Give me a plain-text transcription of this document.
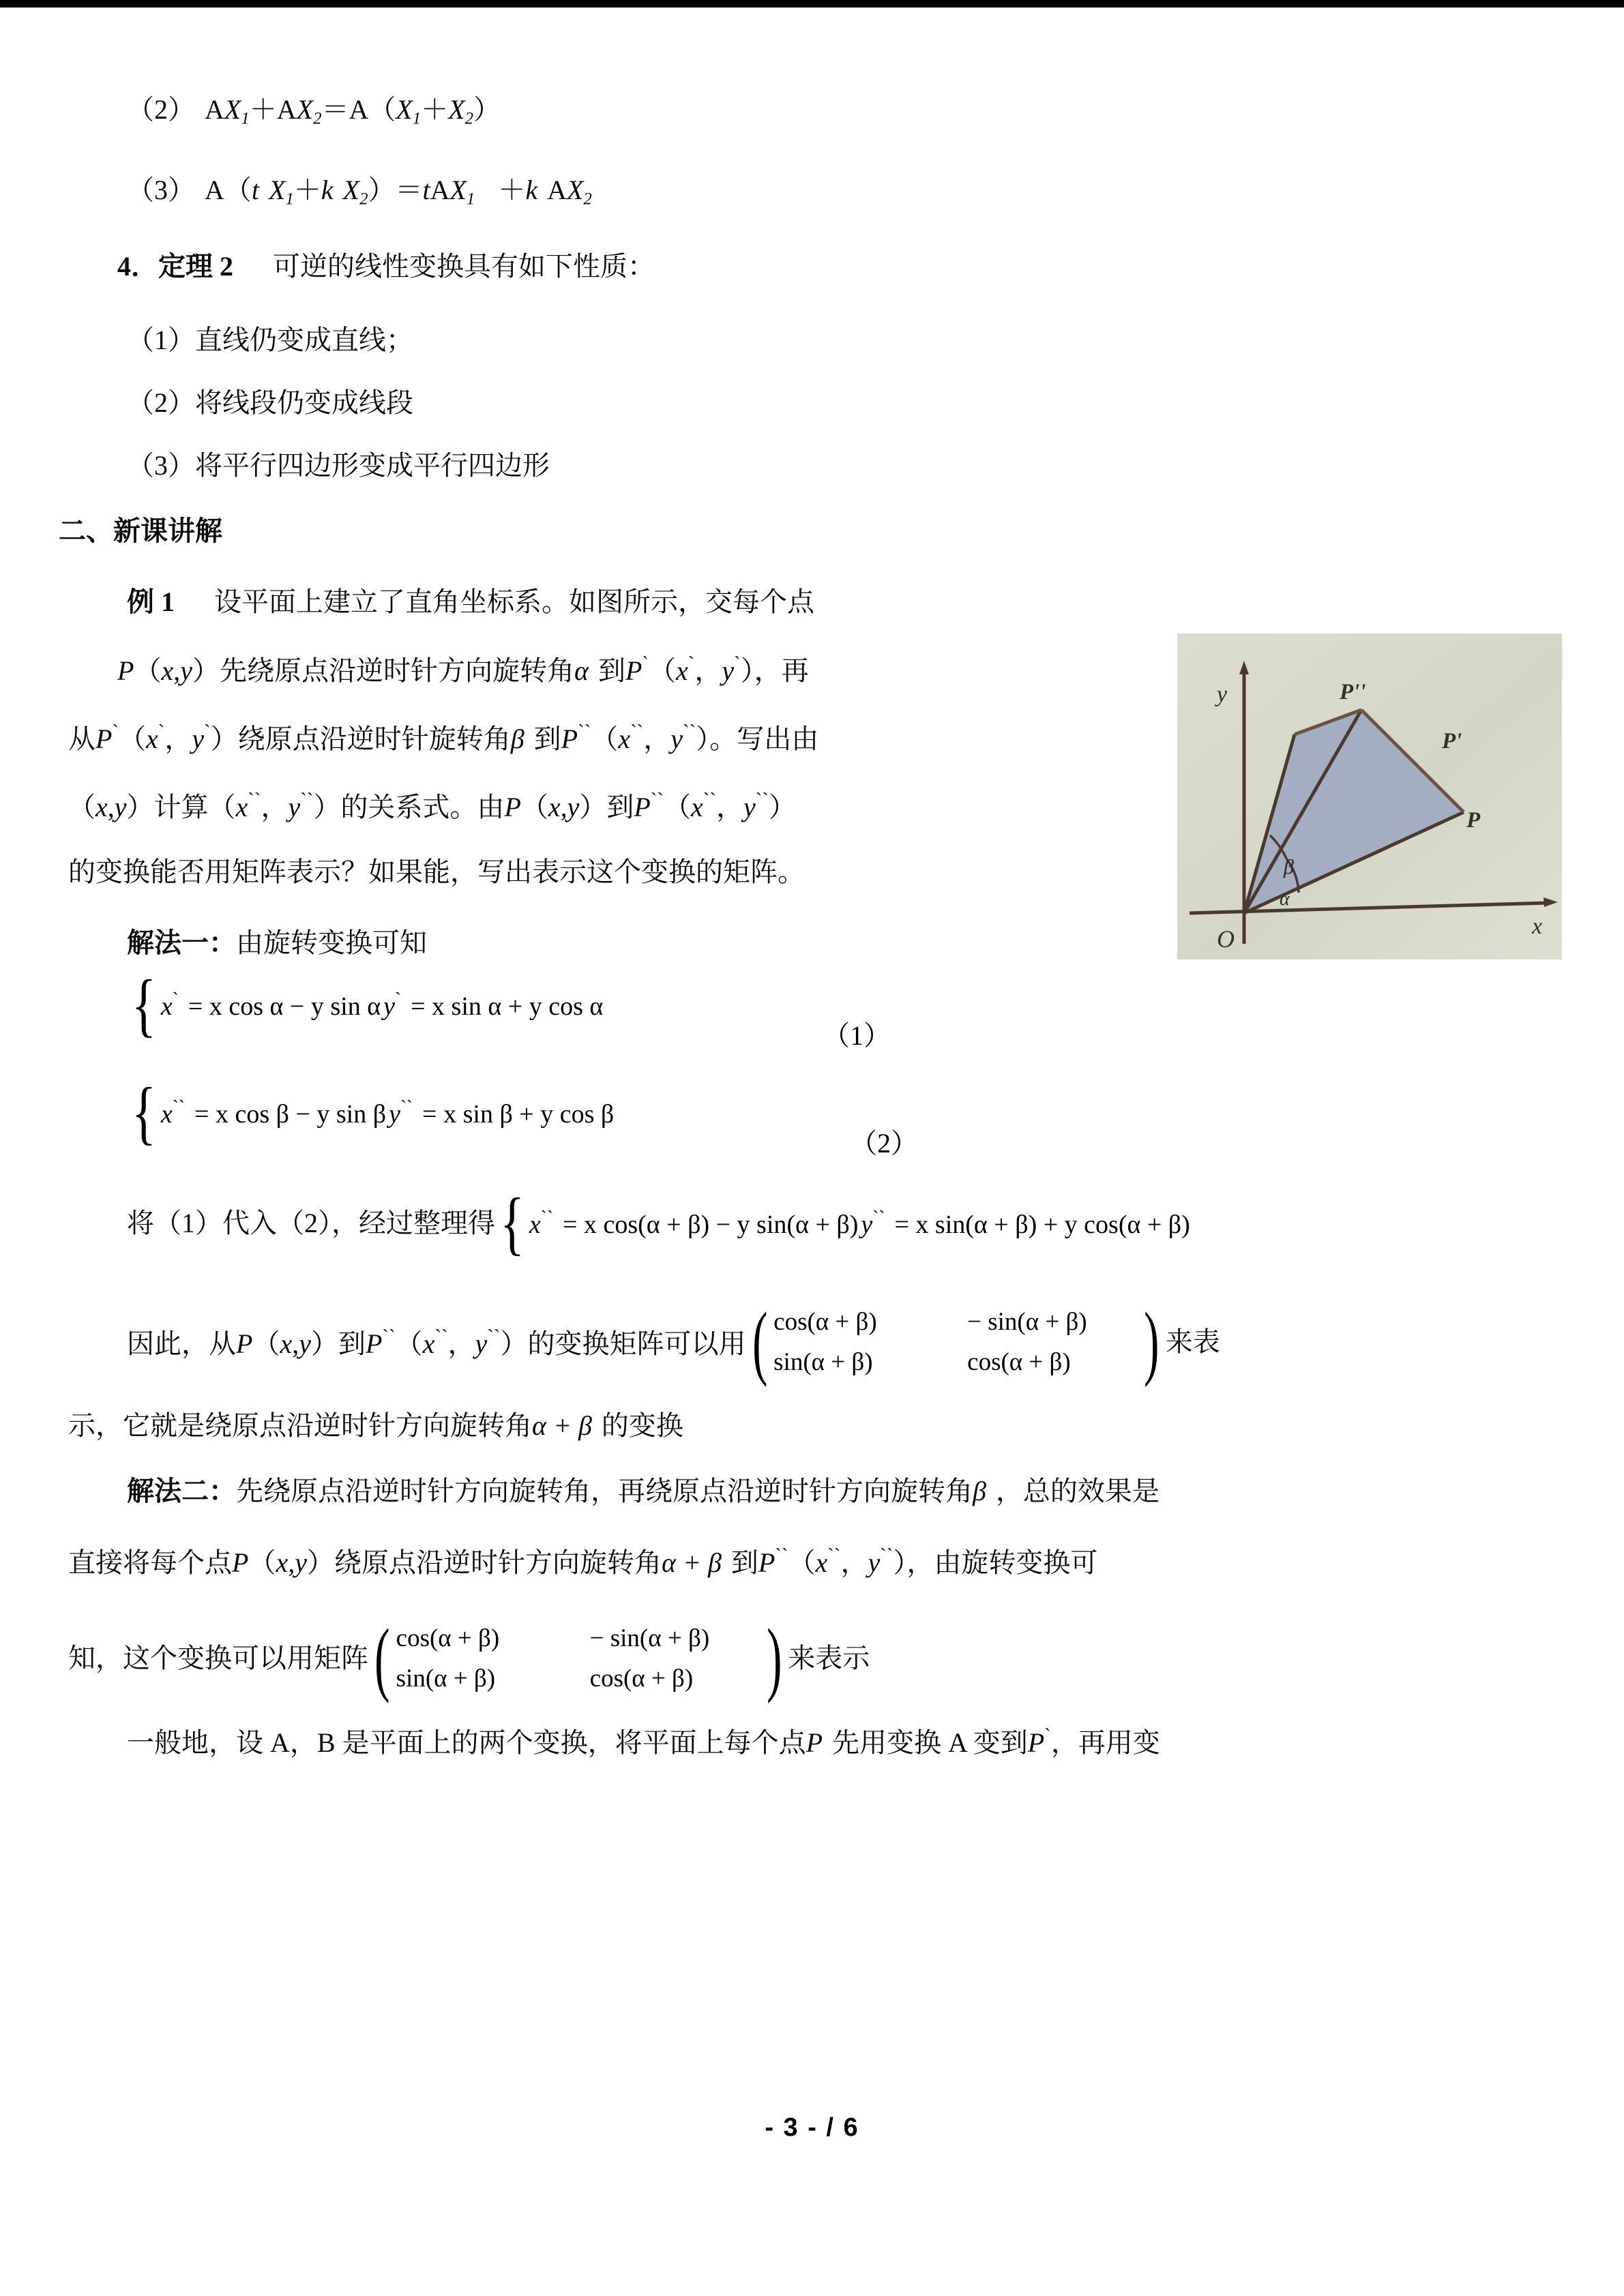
（2） $AX_1+AX_2=A(X_1+X_2)$
（3） A（t $X_1+k$ $X_2)=tAX_1 +k$ $AX_2$
4．定理 2 可逆的线性变换具有如下性质：
（1）直线仍变成直线；
（2）将线段仍变成线段
（3）将平行四边形变成平行四边形
二、新课讲解
例 1 设平面上建立了直角坐标系。如图所示，交每个点
P（x,y）先绕原点沿逆时针方向旋转角α 到P`（x`，y`），再
从P`（x`，y`）绕原点沿逆时针旋转角β 到P``（x``，y``）。写出由
（x,y）计算（x``，y``）的关系式。由P（x,y）到P``（x``，y``）
的变换能否用矩阵表示？如果能，写出表示这个变换的矩阵。
解法一：由旋转变换可知
{ x` = x cos α − y sin α y` = x sin α + y cos α
（1）
{ x`` = x cos β − y sin β y`` = x sin β + y cos β
（2）
将（1）代入（2），经过整理得 { x`` = x cos(α + β) − y sin(α + β) y`` = x sin(α + β) + y cos(α + β)
因此，从P（x,y）到P``（x``，y``）的变换矩阵可以用 ( cos(α + β)	− sin(α + β)
sin(α + β)	cos(α + β) ) 来表
示，它就是绕原点沿逆时针方向旋转角α + β 的变换
解法二：先绕原点沿逆时针方向旋转角，再绕原点沿逆时针方向旋转角β ，总的效果是
直接将每个点P（x,y）绕原点沿逆时针方向旋转角α + β 到P``（x``，y``），由旋转变换可
知，这个变换可以用矩阵 ( cos(α + β)	− sin(α + β)
sin(α + β)	cos(α + β) ) 来表示
一般地，设 A，B 是平面上的两个变换，将平面上每个点P 先用变换 A 变到P`，再用变
y
x
O
P
P'
P''
β
α
- 3 - / 6
